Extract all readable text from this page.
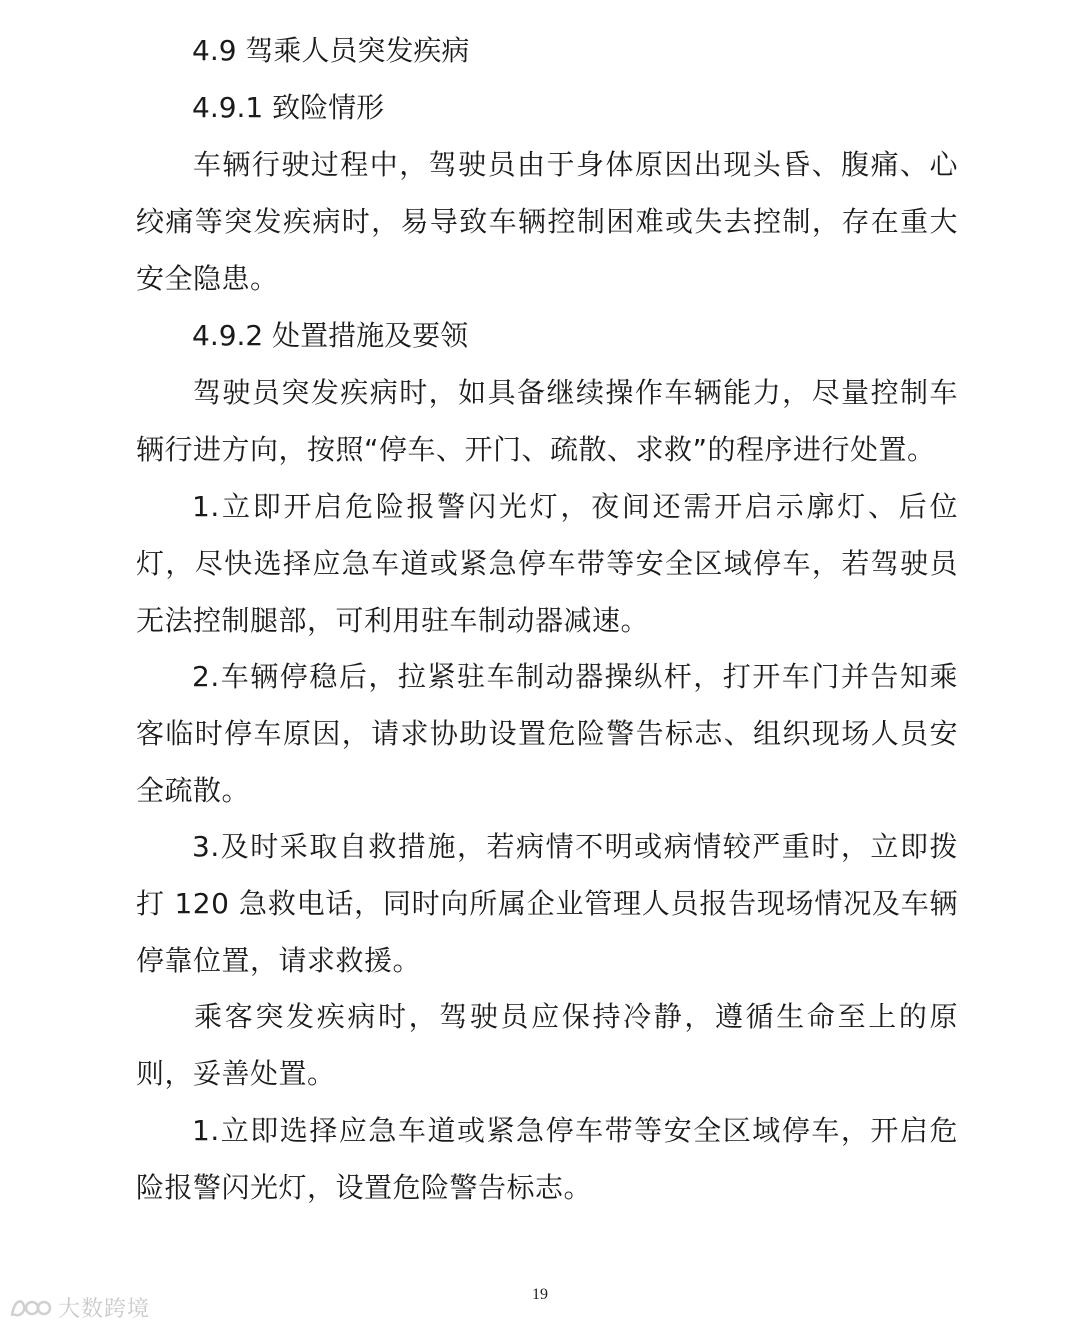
4.9 驾乘人员突发疾病

4.9.1 致险情形

车辆行驶过程中，驾驶员由于身体原因出现头昏、腹痛、心绞痛等突发疾病时，易导致车辆控制困难或失去控制，存在重大安全隐患。

4.9.2 处置措施及要领

驾驶员突发疾病时，如具备继续操作车辆能力，尽量控制车辆行进方向，按照“停车、开门、疏散、求救”的程序进行处置。

1.立即开启危险报警闪光灯，夜间还需开启示廓灯、后位灯，尽快选择应急车道或紧急停车带等安全区域停车，若驾驶员无法控制腿部，可利用驻车制动器减速。

2.车辆停稳后，拉紧驻车制动器操纵杆，打开车门并告知乘客临时停车原因，请求协助设置危险警告标志、组织现场人员安全疏散。

3.及时采取自救措施，若病情不明或病情较严重时，立即拨打 120 急救电话，同时向所属企业管理人员报告现场情况及车辆停靠位置，请求救援。

乘客突发疾病时，驾驶员应保持冷静，遵循生命至上的原则，妥善处置。

1.立即选择应急车道或紧急停车带等安全区域停车，开启危险报警闪光灯，设置危险警告标志。

19
大数跨境
